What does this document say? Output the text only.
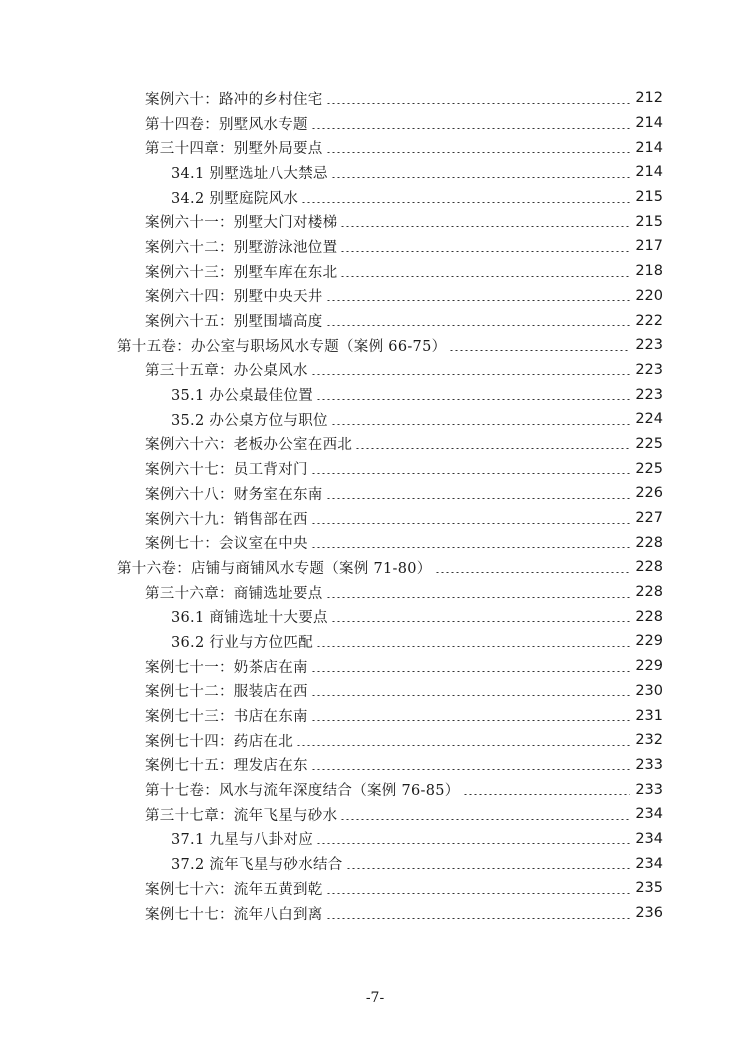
案例六十：路冲的乡村住宅	212
第十四卷：别墅风水专题	214
第三十四章：别墅外局要点	214
34.1 别墅选址八大禁忌	214
34.2 别墅庭院风水	215
案例六十一：别墅大门对楼梯	215
案例六十二：别墅游泳池位置	217
案例六十三：别墅车库在东北	218
案例六十四：别墅中央天井	220
案例六十五：别墅围墙高度	222
第十五卷：办公室与职场风水专题（案例 66-75）	223
第三十五章：办公桌风水	223
35.1 办公桌最佳位置	223
35.2 办公桌方位与职位	224
案例六十六：老板办公室在西北	225
案例六十七：员工背对门	225
案例六十八：财务室在东南	226
案例六十九：销售部在西	227
案例七十：会议室在中央	228
第十六卷：店铺与商铺风水专题（案例 71-80）	228
第三十六章：商铺选址要点	228
36.1 商铺选址十大要点	228
36.2 行业与方位匹配	229
案例七十一：奶茶店在南	229
案例七十二：服装店在西	230
案例七十三：书店在东南	231
案例七十四：药店在北	232
案例七十五：理发店在东	233
第十七卷：风水与流年深度结合（案例 76-85）	233
第三十七章：流年飞星与砂水	234
37.1 九星与八卦对应	234
37.2 流年飞星与砂水结合	234
案例七十六：流年五黄到乾	235
案例七十七：流年八白到离	236
-7-
